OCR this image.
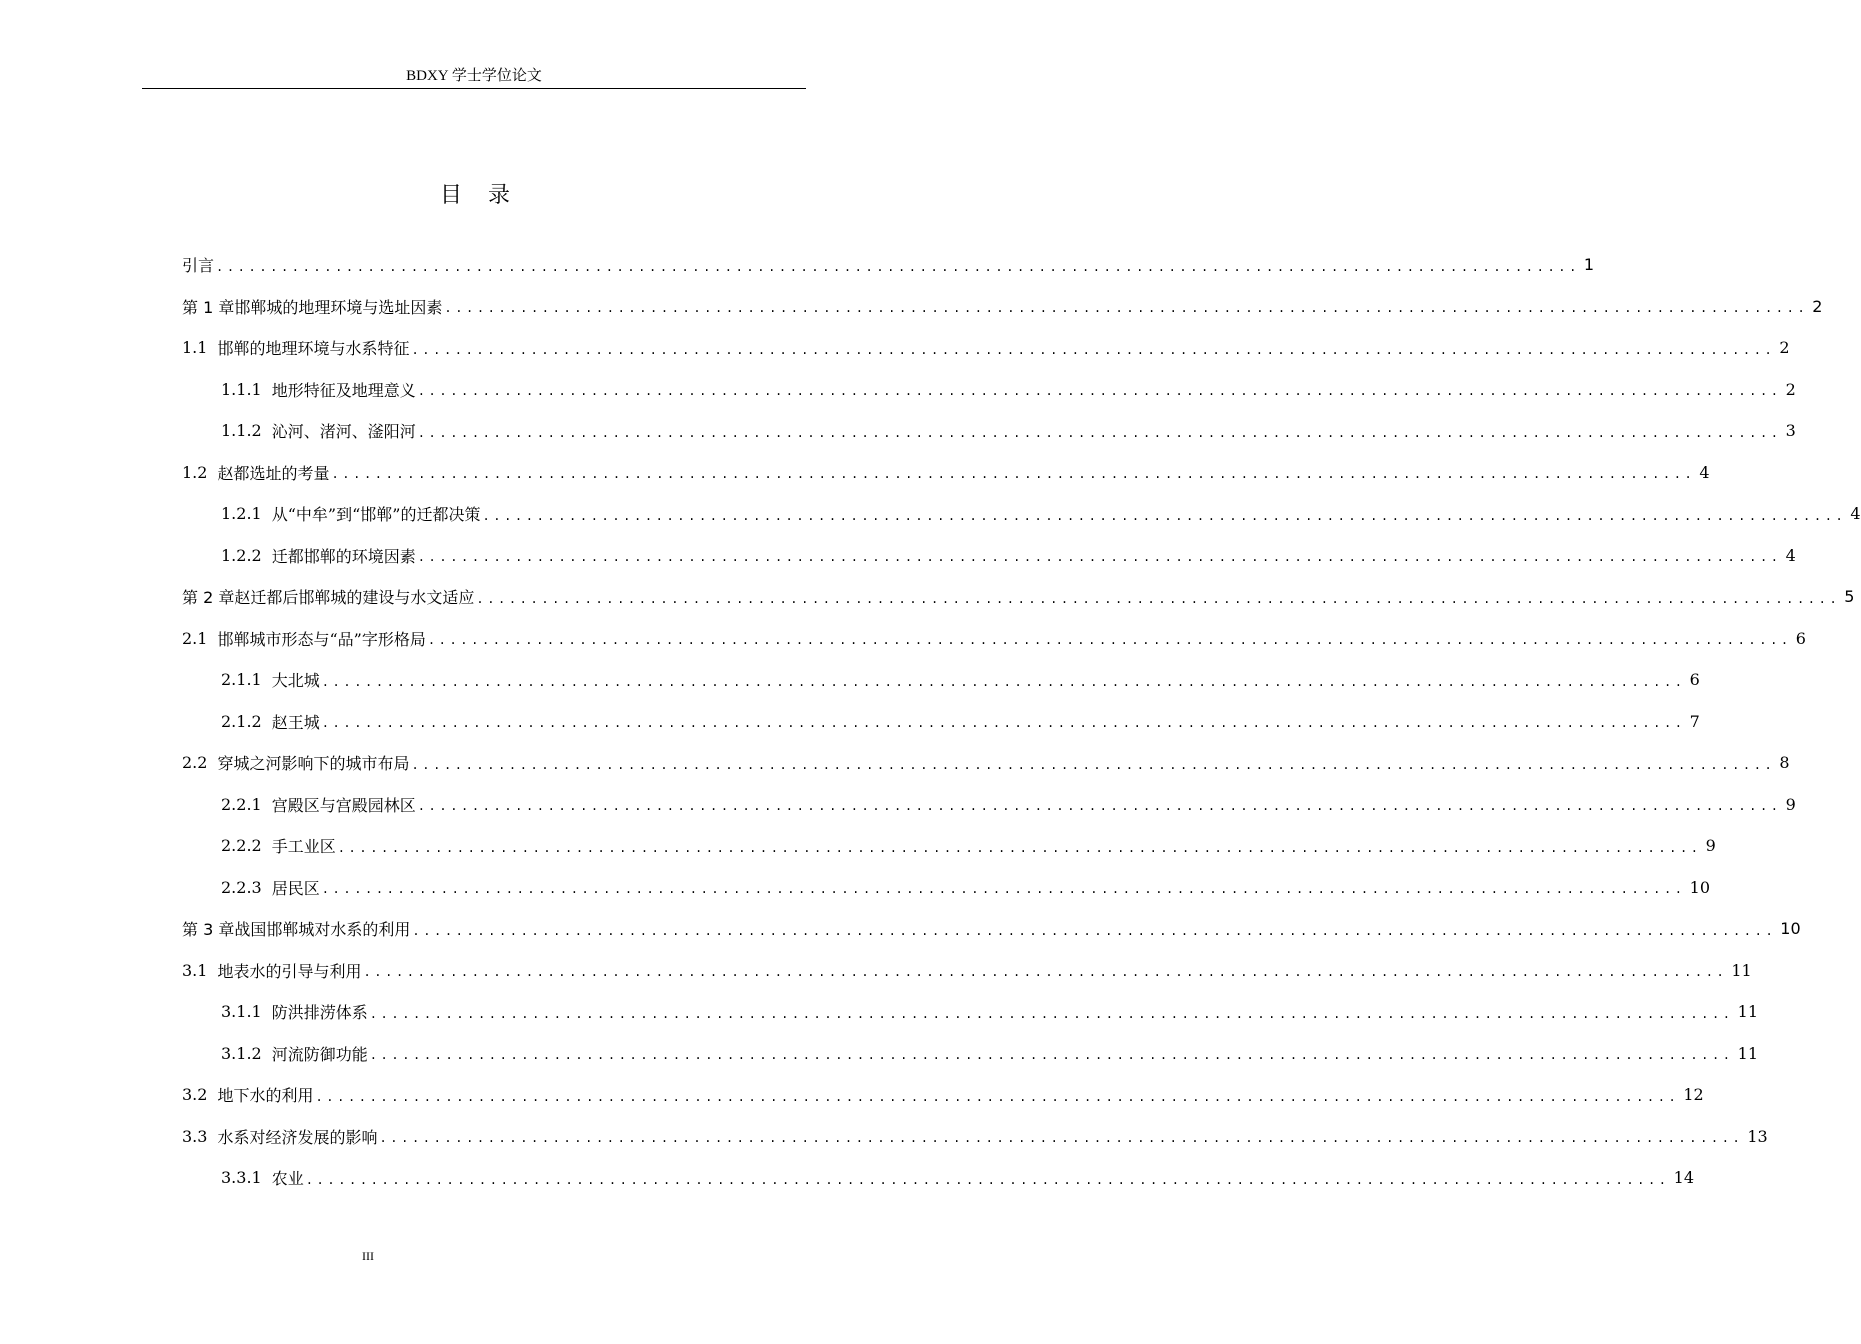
BDXY 学士学位论文
目录
引言 .............................................................................................................................. 1
第 1 章 邯郸城的地理环境与选址因素 .............................................................................................................................. 2
1.1 邯郸的地理环境与水系特征 .............................................................................................................................. 2
1.1.1 地形特征及地理意义 .............................................................................................................................. 2
1.1.2 沁河、渚河、滏阳河 .............................................................................................................................. 3
1.2 赵都选址的考量 .............................................................................................................................. 4
1.2.1 从“中牟”到“邯郸”的迁都决策 .............................................................................................................................. 4
1.2.2 迁都邯郸的环境因素 .............................................................................................................................. 4
第 2 章 赵迁都后邯郸城的建设与水文适应 .............................................................................................................................. 5
2.1 邯郸城市形态与“品”字形格局 .............................................................................................................................. 6
2.1.1 大北城 .............................................................................................................................. 6
2.1.2 赵王城 .............................................................................................................................. 7
2.2 穿城之河影响下的城市布局 .............................................................................................................................. 8
2.2.1 宫殿区与宫殿园林区 .............................................................................................................................. 9
2.2.2 手工业区 .............................................................................................................................. 9
2.2.3 居民区 .............................................................................................................................. 10
第 3 章 战国邯郸城对水系的利用 .............................................................................................................................. 10
3.1 地表水的引导与利用 .............................................................................................................................. 11
3.1.1 防洪排涝体系 .............................................................................................................................. 11
3.1.2 河流防御功能 .............................................................................................................................. 11
3.2 地下水的利用 .............................................................................................................................. 12
3.3 水系对经济发展的影响 .............................................................................................................................. 13
3.3.1 农业 .............................................................................................................................. 14
III
